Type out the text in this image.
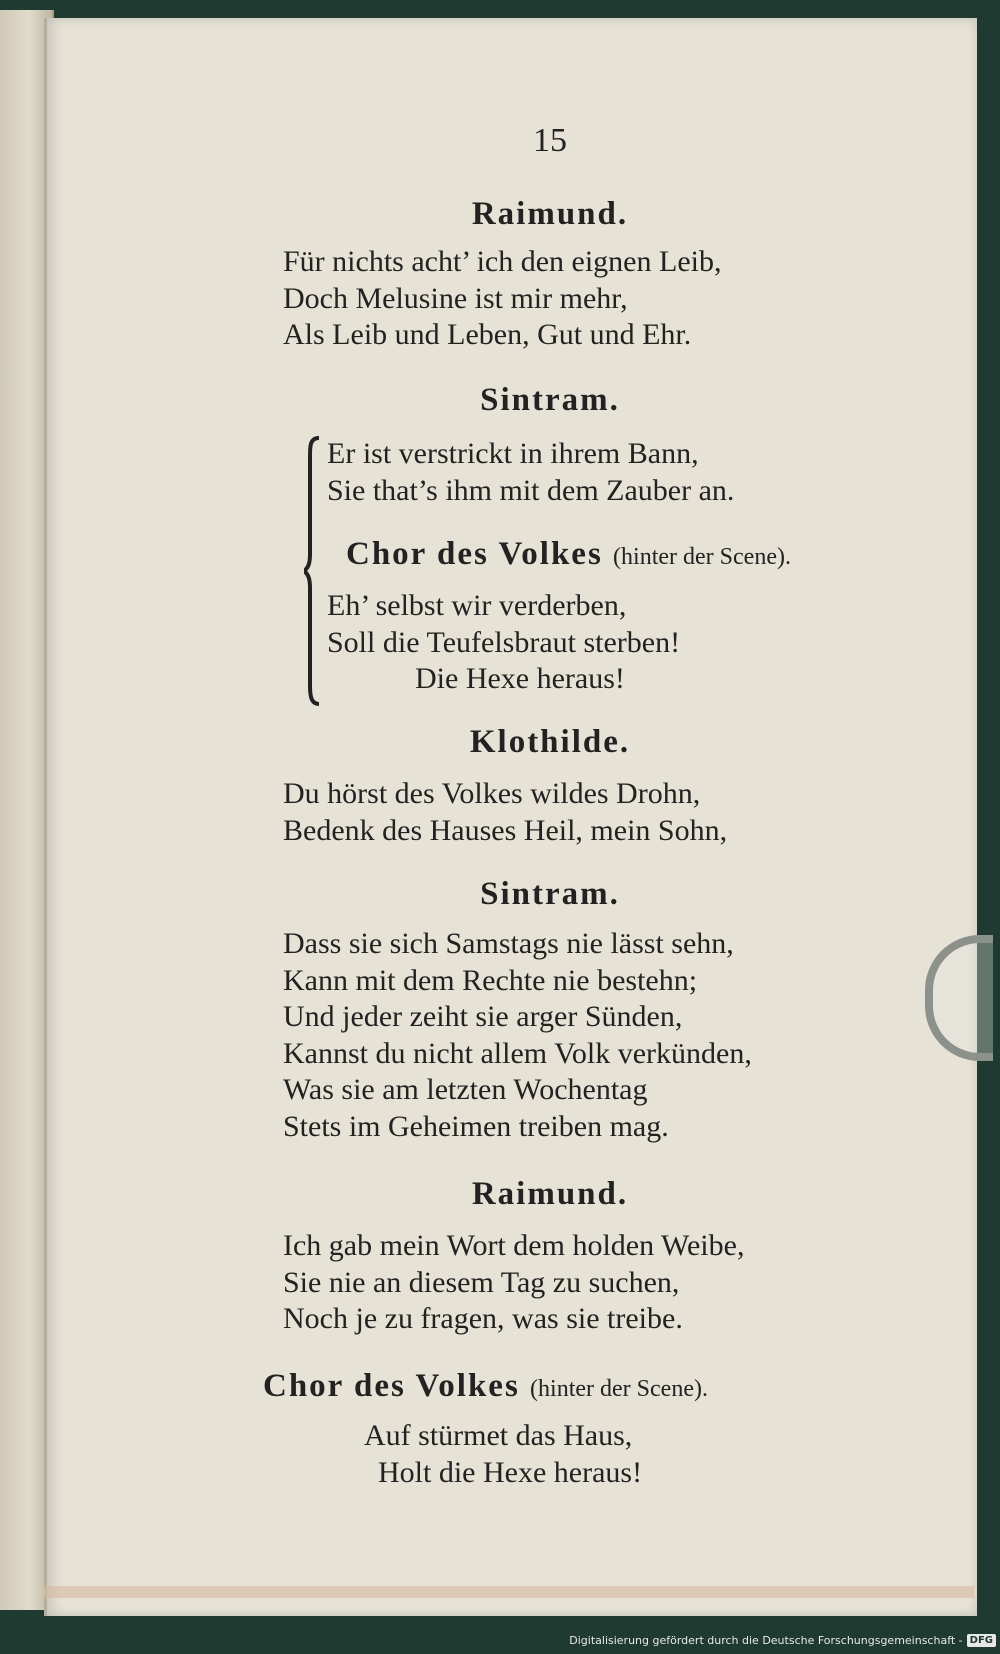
15
Raimund.
Für nichts acht’ ich den eignen Leib,
Doch Melusine ist mir mehr,
Als Leib und Leben, Gut und Ehr.
Sintram.
Er ist verstrickt in ihrem Bann,
Sie that’s ihm mit dem Zauber an.
Chor des Volkes (hinter der Scene).
Eh’ selbst wir verderben,
Soll die Teufelsbraut sterben!
Die Hexe heraus!
Klothilde.
Du hörst des Volkes wildes Drohn,
Bedenk des Hauses Heil, mein Sohn,
Sintram.
Dass sie sich Samstags nie lässt sehn,
Kann mit dem Rechte nie bestehn;
Und jeder zeiht sie arger Sünden,
Kannst du nicht allem Volk verkünden,
Was sie am letzten Wochentag
Stets im Geheimen treiben mag.
Raimund.
Ich gab mein Wort dem holden Weibe,
Sie nie an diesem Tag zu suchen,
Noch je zu fragen, was sie treibe.
Chor des Volkes (hinter der Scene).
Auf stürmet das Haus,
Holt die Hexe heraus!
Digitalisierung gefördert durch die Deutsche Forschungsgemeinschaft - DFG
